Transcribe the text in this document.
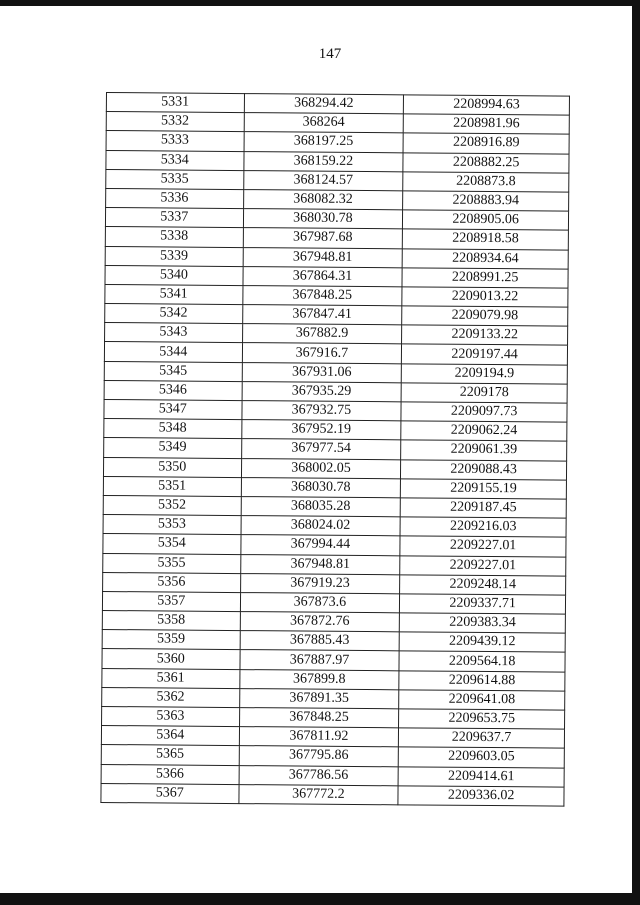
147
5331	368294.42	2208994.63
5332	368264	2208981.96
5333	368197.25	2208916.89
5334	368159.22	2208882.25
5335	368124.57	2208873.8
5336	368082.32	2208883.94
5337	368030.78	2208905.06
5338	367987.68	2208918.58
5339	367948.81	2208934.64
5340	367864.31	2208991.25
5341	367848.25	2209013.22
5342	367847.41	2209079.98
5343	367882.9	2209133.22
5344	367916.7	2209197.44
5345	367931.06	2209194.9
5346	367935.29	2209178
5347	367932.75	2209097.73
5348	367952.19	2209062.24
5349	367977.54	2209061.39
5350	368002.05	2209088.43
5351	368030.78	2209155.19
5352	368035.28	2209187.45
5353	368024.02	2209216.03
5354	367994.44	2209227.01
5355	367948.81	2209227.01
5356	367919.23	2209248.14
5357	367873.6	2209337.71
5358	367872.76	2209383.34
5359	367885.43	2209439.12
5360	367887.97	2209564.18
5361	367899.8	2209614.88
5362	367891.35	2209641.08
5363	367848.25	2209653.75
5364	367811.92	2209637.7
5365	367795.86	2209603.05
5366	367786.56	2209414.61
5367	367772.2	2209336.02
